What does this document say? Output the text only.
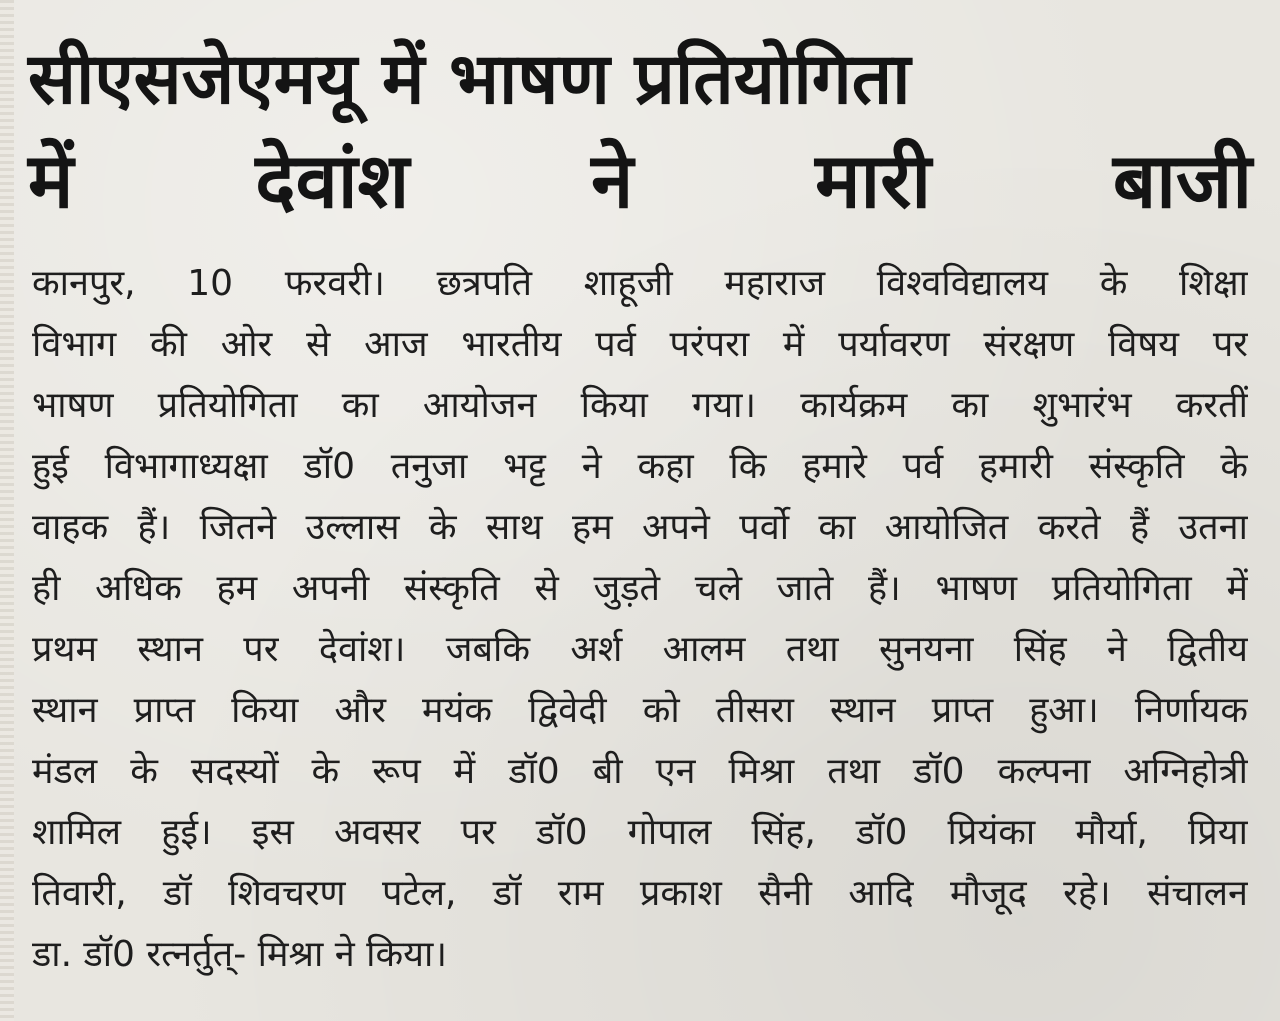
सीएसजेएमयू में भाषण प्रतियोगिता
में देवांश ने मारी बाजी
कानपुर, 10 फरवरी। छत्रपति शाहूजी महाराज विश्वविद्यालय के शिक्षा
विभाग की ओर से आज भारतीय पर्व परंपरा में पर्यावरण संरक्षण विषय पर
भाषण प्रतियोगिता का आयोजन किया गया। कार्यक्रम का शुभारंभ करतीं
हुई विभागाध्यक्षा डॉ0 तनुजा भट्ट ने कहा कि हमारे पर्व हमारी संस्कृति के
वाहक हैं। जितने उल्लास के साथ हम अपने पर्वो का आयोजित करते हैं उतना
ही अधिक हम अपनी संस्कृति से जुड़ते चले जाते हैं। भाषण प्रतियोगिता में
प्रथम स्थान पर देवांश। जबकि अर्श आलम तथा सुनयना सिंह ने द्वितीय
स्थान प्राप्त किया और मयंक द्विवेदी को तीसरा स्थान प्राप्त हुआ। निर्णायक
मंडल के सदस्यों के रूप में डॉ0 बी एन मिश्रा तथा डॉ0 कल्पना अग्निहोत्री
शामिल हुई। इस अवसर पर डॉ0 गोपाल सिंह, डॉ0 प्रियंका मौर्या, प्रिया
तिवारी, डॉ शिवचरण पटेल, डॉ राम प्रकाश सैनी आदि मौजूद रहे। संचालन
डा. डॉ0 रत्नर्तुत्- मिश्रा ने किया।
